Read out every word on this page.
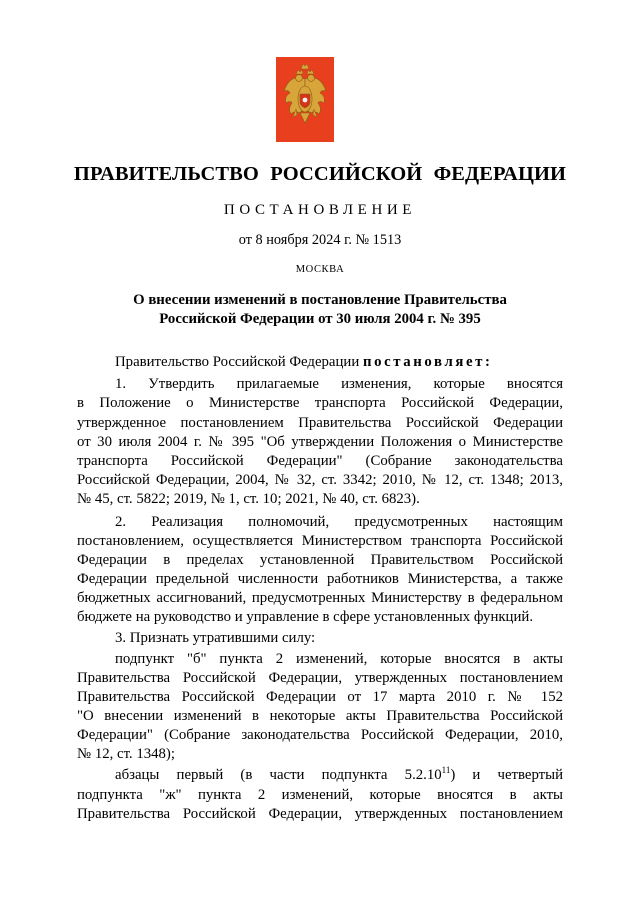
ПРАВИТЕЛЬСТВО РОССИЙСКОЙ ФЕДЕРАЦИИ
ПОСТАНОВЛЕНИЕ
от 8 ноября 2024 г. № 1513
МОСКВА
О внесении изменений в постановление Правительства
Российской Федерации от 30 июля 2004 г. № 395
Правительство Российской Федерации постановляет:
1. Утвердить прилагаемые изменения, которые вносятся
в Положение о Министерстве транспорта Российской Федерации,
утвержденное постановлением Правительства Российской Федерации
от 30 июля 2004 г. № 395 "Об утверждении Положения о Министерстве
транспорта Российской Федерации" (Собрание законодательства
Российской Федерации, 2004, № 32, ст. 3342; 2010, № 12, ст. 1348; 2013,
№ 45, ст. 5822; 2019, № 1, ст. 10; 2021, № 40, ст. 6823).
2. Реализация полномочий, предусмотренных настоящим
постановлением, осуществляется Министерством транспорта Российской
Федерации в пределах установленной Правительством Российской
Федерации предельной численности работников Министерства, а также
бюджетных ассигнований, предусмотренных Министерству в федеральном
бюджете на руководство и управление в сфере установленных функций.
3. Признать утратившими силу:
подпункт "б" пункта 2 изменений, которые вносятся в акты
Правительства Российской Федерации, утвержденных постановлением
Правительства Российской Федерации от 17 марта 2010 г. № 152
"О внесении изменений в некоторые акты Правительства Российской
Федерации" (Собрание законодательства Российской Федерации, 2010,
№ 12, ст. 1348);
абзацы первый (в части подпункта 5.2.10$^{11}$) и четвертый
подпункта "ж" пункта 2 изменений, которые вносятся в акты
Правительства Российской Федерации, утвержденных постановлением
